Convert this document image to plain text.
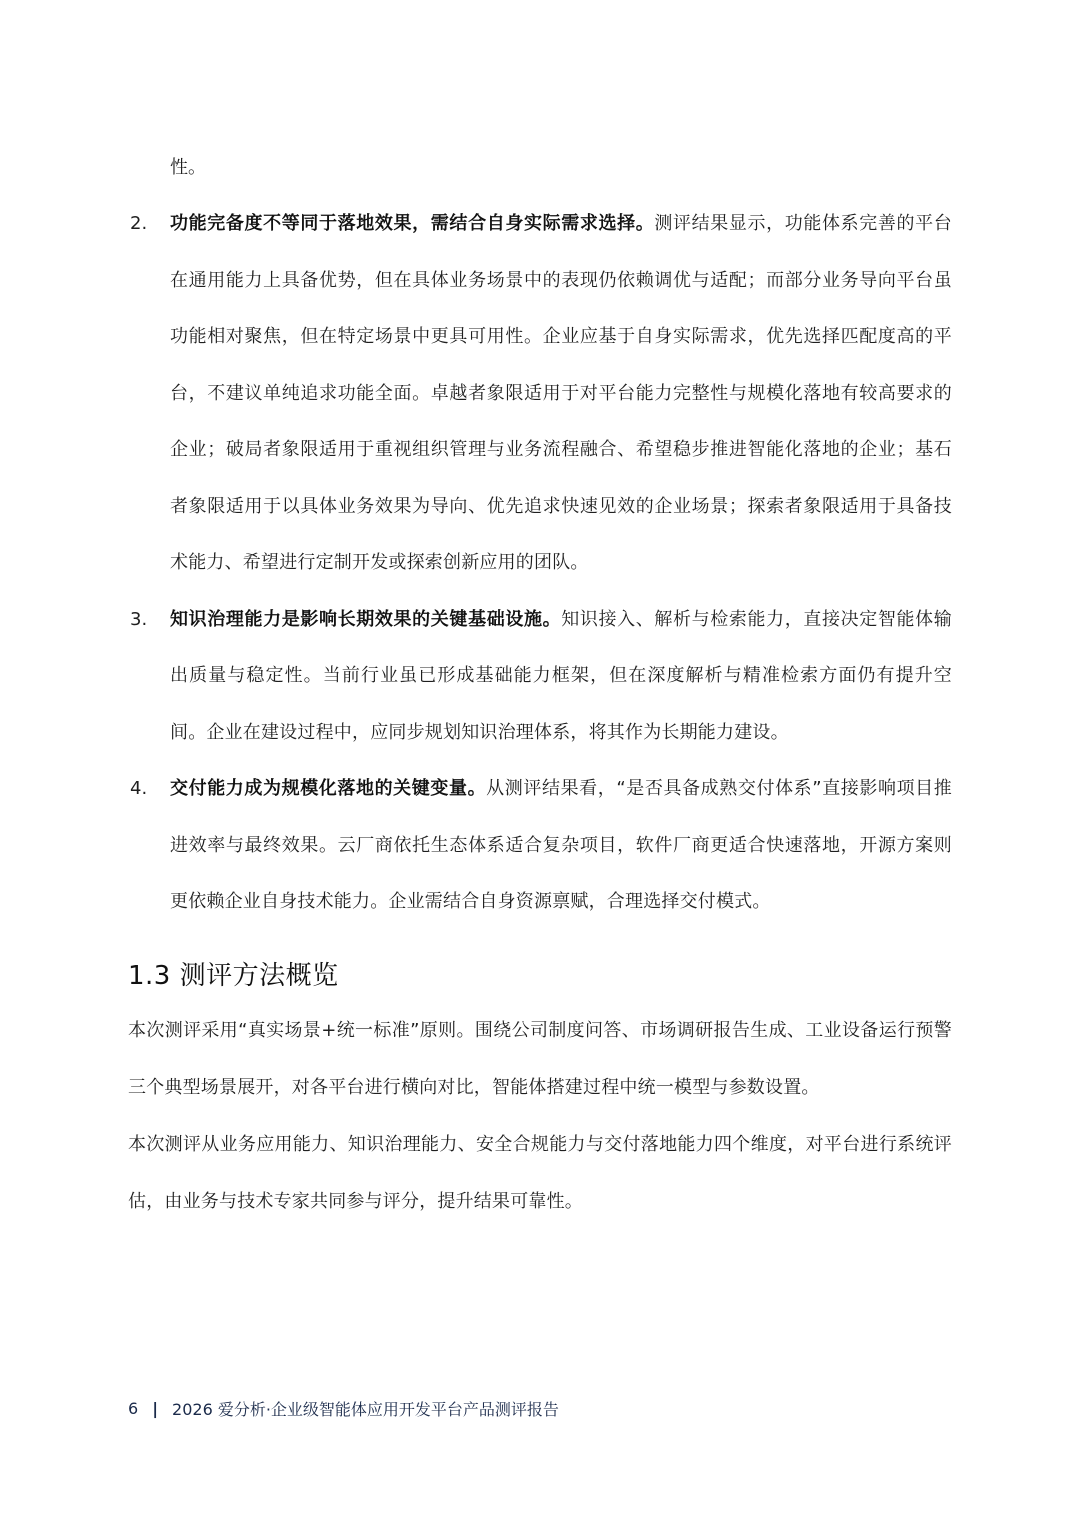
性。

2. 功能完备度不等同于落地效果，需结合自身实际需求选择。测评结果显示，功能体系完善的平台在通用能力上具备优势，但在具体业务场景中的表现仍依赖调优与适配；而部分业务导向平台虽功能相对聚焦，但在特定场景中更具可用性。企业应基于自身实际需求，优先选择匹配度高的平台，不建议单纯追求功能全面。卓越者象限适用于对平台能力完整性与规模化落地有较高要求的企业；破局者象限适用于重视组织管理与业务流程融合、希望稳步推进智能化落地的企业；基石者象限适用于以具体业务效果为导向、优先追求快速见效的企业场景；探索者象限适用于具备技术能力、希望进行定制开发或探索创新应用的团队。

3. 知识治理能力是影响长期效果的关键基础设施。知识接入、解析与检索能力，直接决定智能体输出质量与稳定性。当前行业虽已形成基础能力框架，但在深度解析与精准检索方面仍有提升空间。企业在建设过程中，应同步规划知识治理体系，将其作为长期能力建设。

4. 交付能力成为规模化落地的关键变量。从测评结果看，“是否具备成熟交付体系”直接影响项目推进效率与最终效果。云厂商依托生态体系适合复杂项目，软件厂商更适合快速落地，开源方案则更依赖企业自身技术能力。企业需结合自身资源禀赋，合理选择交付模式。

1.3 测评方法概览

本次测评采用“真实场景+统一标准”原则。围绕公司制度问答、市场调研报告生成、工业设备运行预警三个典型场景展开，对各平台进行横向对比，智能体搭建过程中统一模型与参数设置。

本次测评从业务应用能力、知识治理能力、安全合规能力与交付落地能力四个维度，对平台进行系统评估，由业务与技术专家共同参与评分，提升结果可靠性。

6 | 2026 爱分析·企业级智能体应用开发平台产品测评报告
